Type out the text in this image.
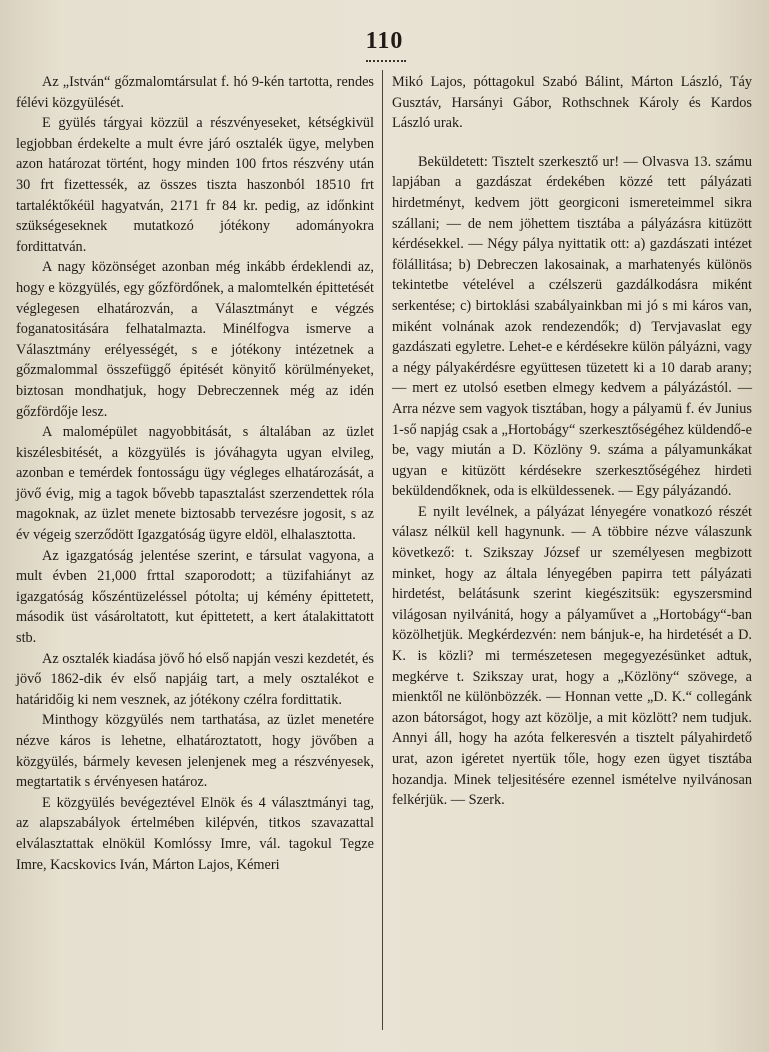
110

Az „István“ gőzmalomtársulat f. hó 9-kén tartotta, rendes félévi közgyülését.

E gyülés tárgyai közzül a részvényeseket, kétségkivül legjobban érdekelte a mult évre járó osztalék ügye, melyben azon határozat történt, hogy minden 100 frtos részvény után 30 frt fizettessék, az összes tiszta haszonból 18510 frt tartaléktőkéül hagyatván, 2171 fr 84 kr. pedig, az időnkint szükségeseknek mutatkozó jótékony adományokra fordittatván.

A nagy közönséget azonban még inkább érdeklendi az, hogy e közgyülés, egy gőzfördőnek, a malomtelkén épittetését véglegesen elhatározván, a Választmányt e végzés foganatositására felhatalmazta. Minélfogva ismerve a Választmány erélyességét, s e jótékony intézetnek a gőzmalommal összefüggő épitését könyitő körülményeket, biztosan mondhatjuk, hogy Debreczennek még az idén gőzfördője lesz.

A malomépület nagyobbitását, s általában az üzlet kiszélesbitését, a közgyülés is jóváhagyta ugyan elvileg, azonban e temérdek fontosságu ügy végleges elhatározását, a jövő évig, mig a tagok bővebb tapasztalást szerzendettek róla magoknak, az üzlet menete biztosabb tervezésre jogosit, s az év végeig szerződött Igazgatóság ügyre eldöl, elhalasztotta.

Az igazgatóság jelentése szerint, e társulat vagyona, a mult évben 21,000 frttal szaporodott; a tüzifahiányt az igazgatóság kőszéntüzeléssel pótolta; uj kémény épittetett, második üst vásároltatott, kut épittetett, a kert átalakittatott stb.

Az osztalék kiadása jövő hó első napján veszi kezdetét, és jövő 1862-dik év első napjáig tart, a mely osztalékot e határidőig ki nem vesznek, az jótékony czélra fordittatik.

Minthogy közgyülés nem tarthatása, az üzlet menetére nézve káros is lehetne, elhatároztatott, hogy jövőben a közgyülés, bármely kevesen jelenjenek meg a részvényesek, megtartatik s érvényesen határoz.

E közgyülés bevégeztével Elnök és 4 választmányi tag, az alapszabályok értelmében kilépvén, titkos szavazattal elválasztattak elnökül Komlóssy Imre, vál. tagokul Tegze Imre, Kacskovics Iván, Márton Lajos, Kémeri

Mikó Lajos, póttagokul Szabó Bálint, Márton László, Táy Gusztáv, Harsányi Gábor, Rothschnek Károly és Kardos László urak.

Beküldetett: Tisztelt szerkesztő ur! — Olvasva 13. számu lapjában a gazdászat érdekében közzé tett pályázati hirdetményt, kedvem jött georgiconi ismereteimmel sikra szállani; — de nem jöhettem tisztába a pályázásra kitüzött kérdésekkel. — Négy pálya nyittatik ott: a) gazdászati intézet fölállitása; b) Debreczen lakosainak, a marhatenyés különös tekintetbe vételével a czélszerü gazdálkodásra miként serkentése; c) birtoklási szabályainkban mi jó s mi káros van, miként volnának azok rendezendők; d) Tervjavaslat egy gazdászati egyletre. Lehet-e e kérdésekre külön pályázni, vagy a négy pályakérdésre együttesen tüzetett ki a 10 darab arany; — mert ez utolsó esetben elmegy kedvem a pályázástól. — Arra nézve sem vagyok tisztában, hogy a pályamü f. év Junius 1-ső napjág csak a „Hortobágy“ szerkesztőségéhez küldendő-e be, vagy miután a D. Közlöny 9. száma a pályamunkákat ugyan e kitüzött kérdésekre szerkesztőségéhez hirdeti beküldendőknek, oda is elküldessenek. — Egy pályázandó.

E nyilt levélnek, a pályázat lényegére vonatkozó részét válasz nélkül kell hagynunk. — A többire nézve válaszunk következő: t. Szikszay József ur személyesen megbizott minket, hogy az általa lényegében papirra tett pályázati hirdetést, belátásunk szerint kiegészitsük: egyszersmind világosan nyilvánitá, hogy a pályaművet a „Hortobágy“-ban közölhetjük. Megkérdezvén: nem bánjuk-e, ha hirdetését a D. K. is közli? mi természetesen megegyezésünket adtuk, megkérve t. Szikszay urat, hogy a „Közlöny“ szövege, a mienktől ne különbözzék. — Honnan vette „D. K.“ collegánk azon bátorságot, hogy azt közölje, a mit közlött? nem tudjuk. Annyi áll, hogy ha azóta felkeresvén a tisztelt pályahirdető urat, azon igéretet nyertük tőle, hogy ezen ügyet tisztába hozandja. Minek teljesitésére ezennel ismételve nyilvánosan felkérjük. — Szerk.
